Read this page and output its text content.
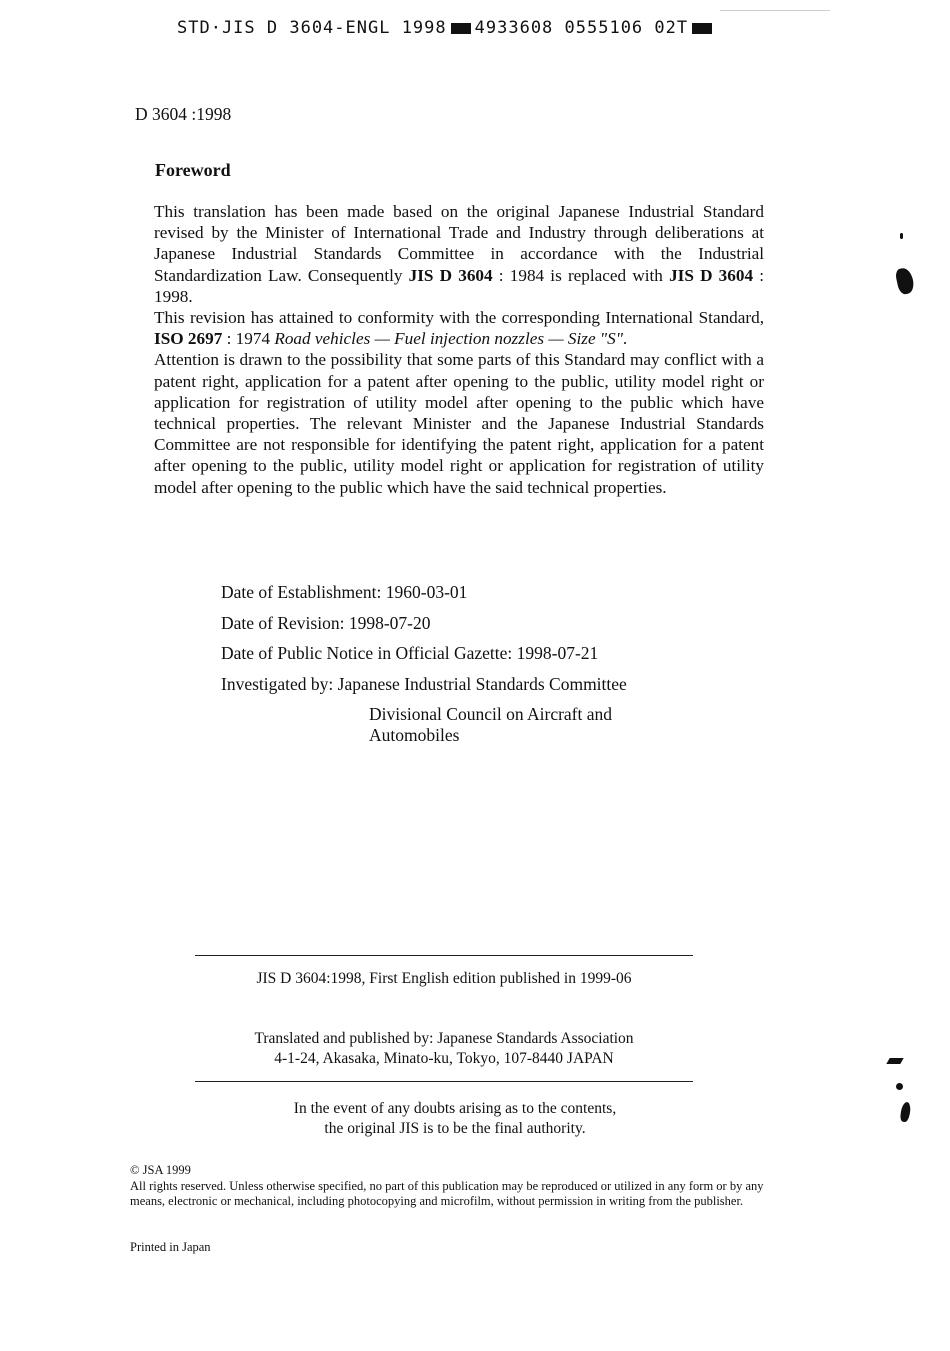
STD·JIS D 3604-ENGL 1998 4933608 0555106 02T
D 3604 :1998
Foreword

This translation has been made based on the original Japanese Industrial Standard revised by the Minister of International Trade and Industry through deliberations at Japanese Industrial Standards Committee in accordance with the Industrial Standardization Law. Consequently JIS D 3604 : 1984 is replaced with JIS D 3604 : 1998.

This revision has attained to conformity with the corresponding International Standard, ISO 2697 : 1974 Road vehicles — Fuel injection nozzles — Size "S".

Attention is drawn to the possibility that some parts of this Standard may conflict with a patent right, application for a patent after opening to the public, utility model right or application for registration of utility model after opening to the public which have technical properties. The relevant Minister and the Japanese Industrial Standards Committee are not responsible for identifying the patent right, application for a patent after opening to the public, utility model right or application for registration of utility model after opening to the public which have the said technical properties.

Date of Establishment: 1960-03-01
Date of Revision: 1998-07-20
Date of Public Notice in Official Gazette: 1998-07-21
Investigated by: Japanese Industrial Standards Committee
Divisional Council on Aircraft and
Automobiles
JIS D 3604:1998, First English edition published in 1999-06
Translated and published by: Japanese Standards Association
4-1-24, Akasaka, Minato-ku, Tokyo, 107-8440 JAPAN
In the event of any doubts arising as to the contents,
the original JIS is to be the final authority.
© JSA 1999
All rights reserved. Unless otherwise specified, no part of this publication may be reproduced or utilized in any form or by any means, electronic or mechanical, including photocopying and microfilm, without permission in writing from the publisher.
Printed in Japan
